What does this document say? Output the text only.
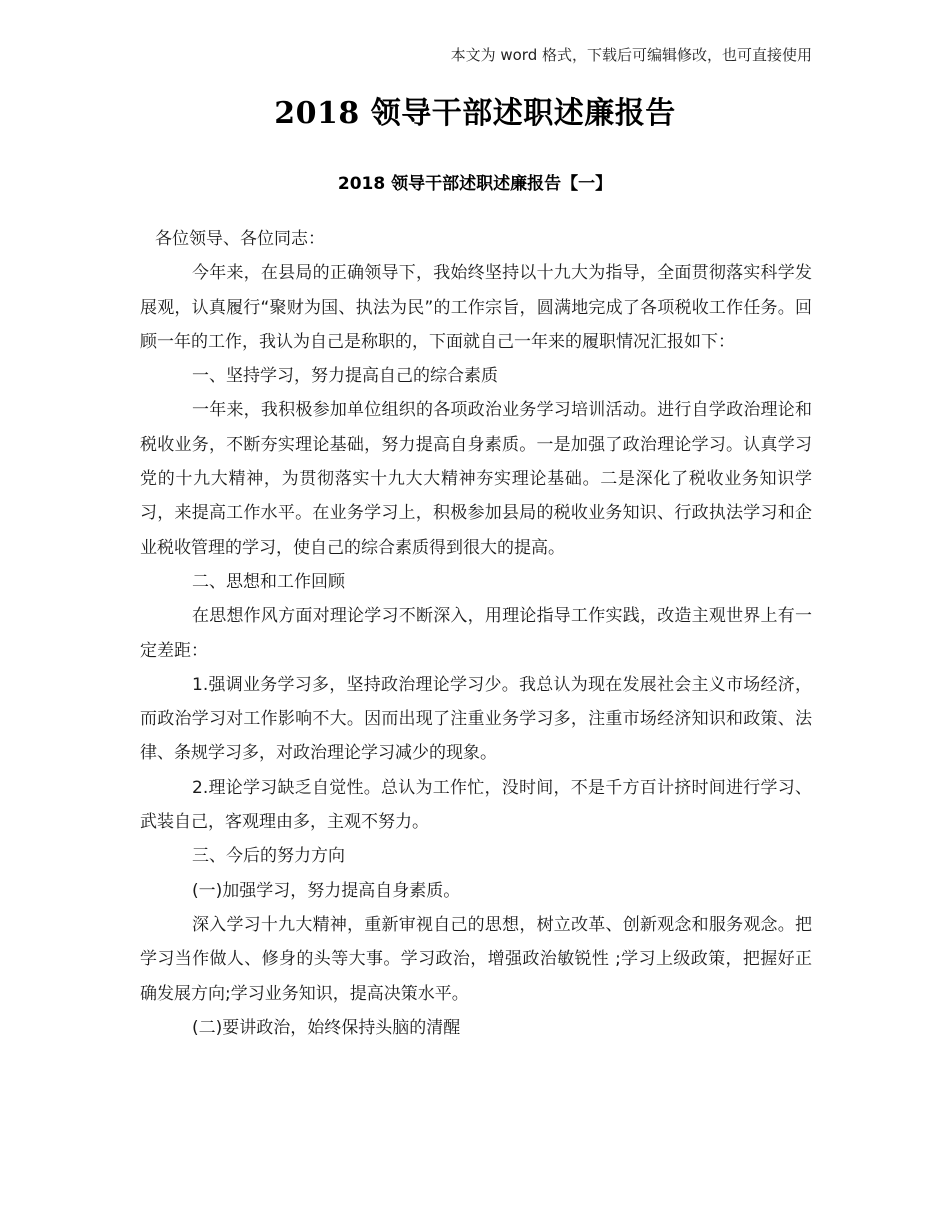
本文为 word 格式，下载后可编辑修改，也可直接使用
2018 领导干部述职述廉报告
2018 领导干部述职述廉报告【一】

各位领导、各位同志：

今年来，在县局的正确领导下，我始终坚持以十九大为指导，全面贯彻落实科学发展观，认真履行“聚财为国、执法为民”的工作宗旨，圆满地完成了各项税收工作任务。回顾一年的工作，我认为自己是称职的，下面就自己一年来的履职情况汇报如下：

一、坚持学习，努力提高自己的综合素质

一年来，我积极参加单位组织的各项政治业务学习培训活动。进行自学政治理论和税收业务，不断夯实理论基础，努力提高自身素质。一是加强了政治理论学习。认真学习党的十九大精神，为贯彻落实十九大大精神夯实理论基础。二是深化了税收业务知识学习，来提高工作水平。在业务学习上，积极参加县局的税收业务知识、行政执法学习和企业税收管理的学习，使自己的综合素质得到很大的提高。

二、思想和工作回顾

在思想作风方面对理论学习不断深入，用理论指导工作实践，改造主观世界上有一定差距：

1.强调业务学习多，坚持政治理论学习少。我总认为现在发展社会主义市场经济，而政治学习对工作影响不大。因而出现了注重业务学习多，注重市场经济知识和政策、法律、条规学习多，对政治理论学习减少的现象。

2.理论学习缺乏自觉性。总认为工作忙，没时间，不是千方百计挤时间进行学习、武装自己，客观理由多，主观不努力。

三、今后的努力方向

(一)加强学习，努力提高自身素质。

深入学习十九大精神，重新审视自己的思想，树立改革、创新观念和服务观念。把学习当作做人、修身的头等大事。学习政治，增强政治敏锐性 ;学习上级政策，把握好正确发展方向;学习业务知识，提高决策水平。

(二)要讲政治，始终保持头脑的清醒
